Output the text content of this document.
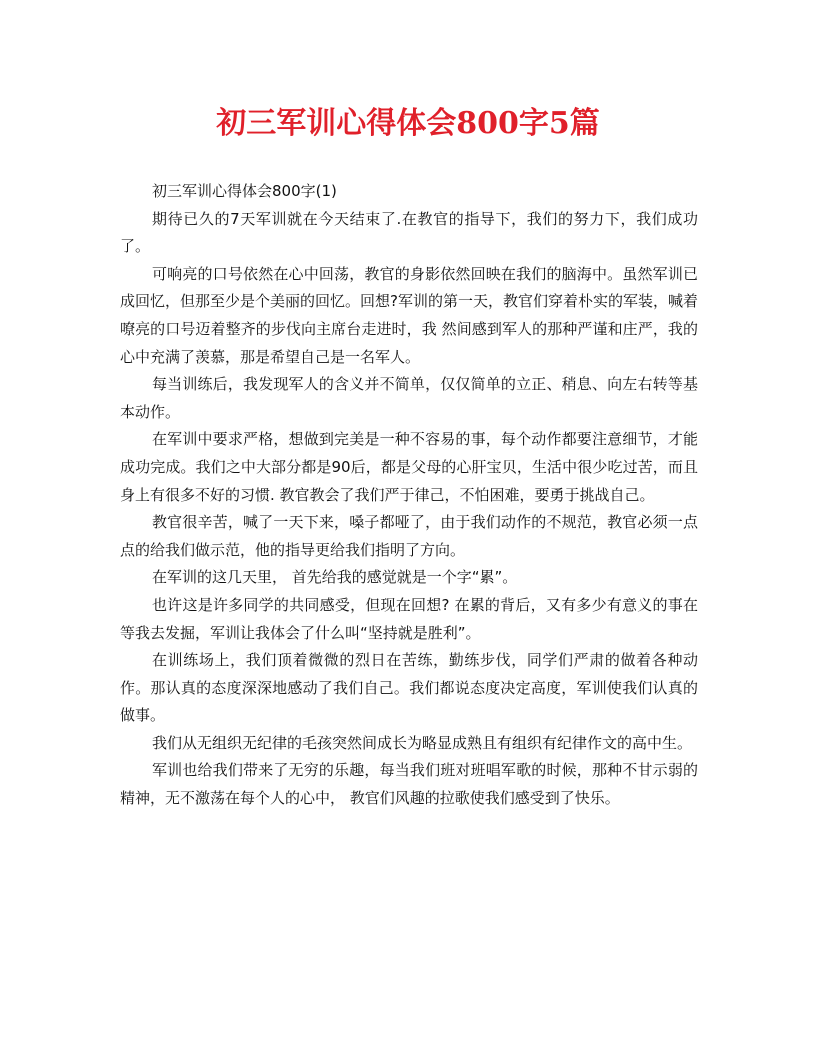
初三军训心得体会800字5篇

初三军训心得体会800字(1)

期待已久的7天军训就在今天结束了.在教官的指导下，我们的努力下，我们成功了。

可响亮的口号依然在心中回荡，教官的身影依然回映在我们的脑海中。虽然军训已成回忆，但那至少是个美丽的回忆。回想?军训的第一天，教官们穿着朴实的军装，喊着嘹亮的口号迈着整齐的步伐向主席台走进时，我 然间感到军人的那种严谨和庄严，我的心中充满了羡慕，那是希望自己是一名军人。

每当训练后，我发现军人的含义并不简单，仅仅简单的立正、稍息、向左右转等基本动作。

在军训中要求严格，想做到完美是一种不容易的事，每个动作都要注意细节，才能成功完成。我们之中大部分都是90后，都是父母的心肝宝贝，生活中很少吃过苦，而且身上有很多不好的习惯. 教官教会了我们严于律己，不怕困难，要勇于挑战自己。

教官很辛苦，喊了一天下来，嗓子都哑了，由于我们动作的不规范，教官必须一点点的给我们做示范，他的指导更给我们指明了方向。

在军训的这几天里， 首先给我的感觉就是一个字“累”。

也许这是许多同学的共同感受，但现在回想? 在累的背后，又有多少有意义的事在等我去发掘，军训让我体会了什么叫“坚持就是胜利”。

在训练场上，我们顶着微微的烈日在苦练，勤练步伐，同学们严肃的做着各种动作。那认真的态度深深地感动了我们自己。我们都说态度决定高度，军训使我们认真的做事。

我们从无组织无纪律的毛孩突然间成长为略显成熟且有组织有纪律作文的高中生。

军训也给我们带来了无穷的乐趣，每当我们班对班唱军歌的时候，那种不甘示弱的精神，无不激荡在每个人的心中， 教官们风趣的拉歌使我们感受到了快乐。
